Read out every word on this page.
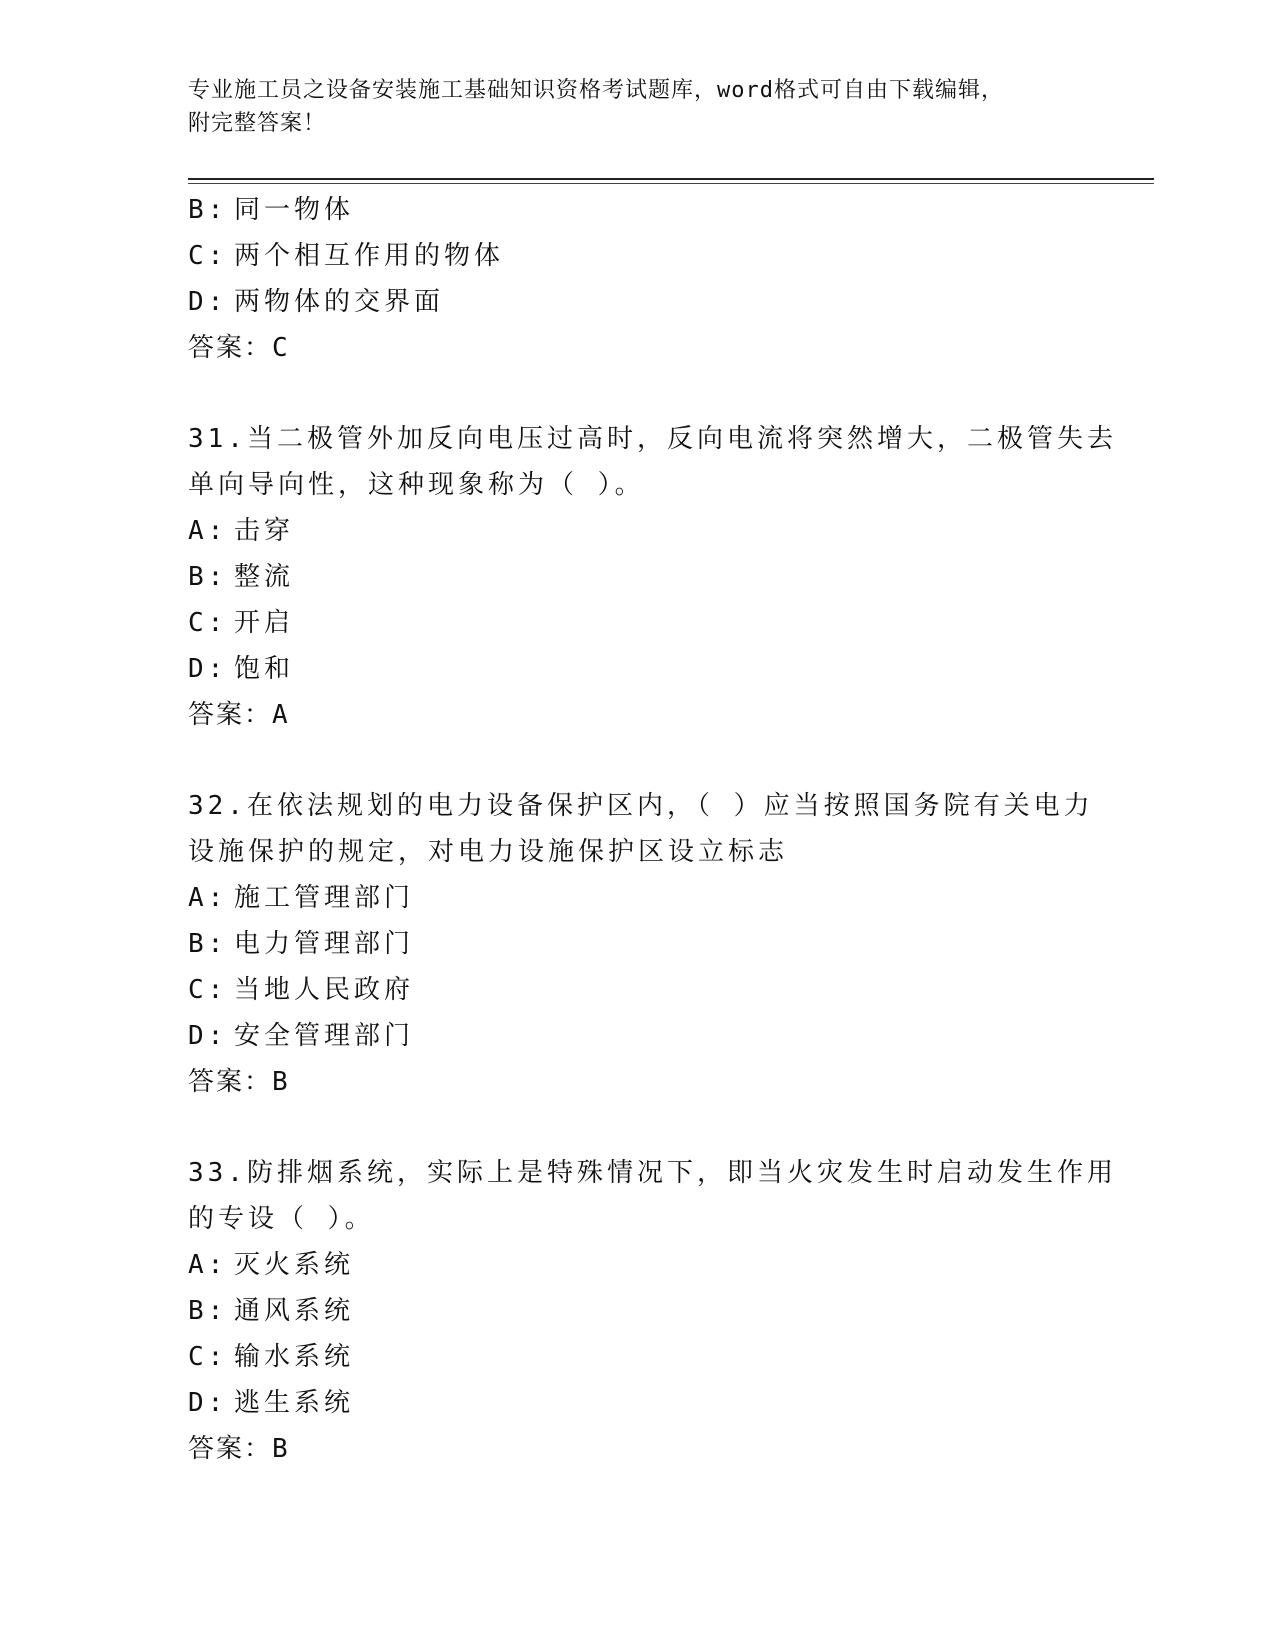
专业施工员之设备安装施工基础知识资格考试题库，word格式可自由下载编辑，
附完整答案！
B: 同一物体
C: 两个相互作用的物体
D: 两物体的交界面
答案：C
31.当二极管外加反向电压过高时，反向电流将突然增大，二极管失去
单向导向性，这种现象称为（ ）。
A: 击穿
B: 整流
C: 开启
D: 饱和
答案：A
32.在依法规划的电力设备保护区内，（ ）应当按照国务院有关电力
设施保护的规定，对电力设施保护区设立标志
A: 施工管理部门
B: 电力管理部门
C: 当地人民政府
D: 安全管理部门
答案：B
33.防排烟系统，实际上是特殊情况下，即当火灾发生时启动发生作用
的专设（ ）。
A: 灭火系统
B: 通风系统
C: 输水系统
D: 逃生系统
答案：B
